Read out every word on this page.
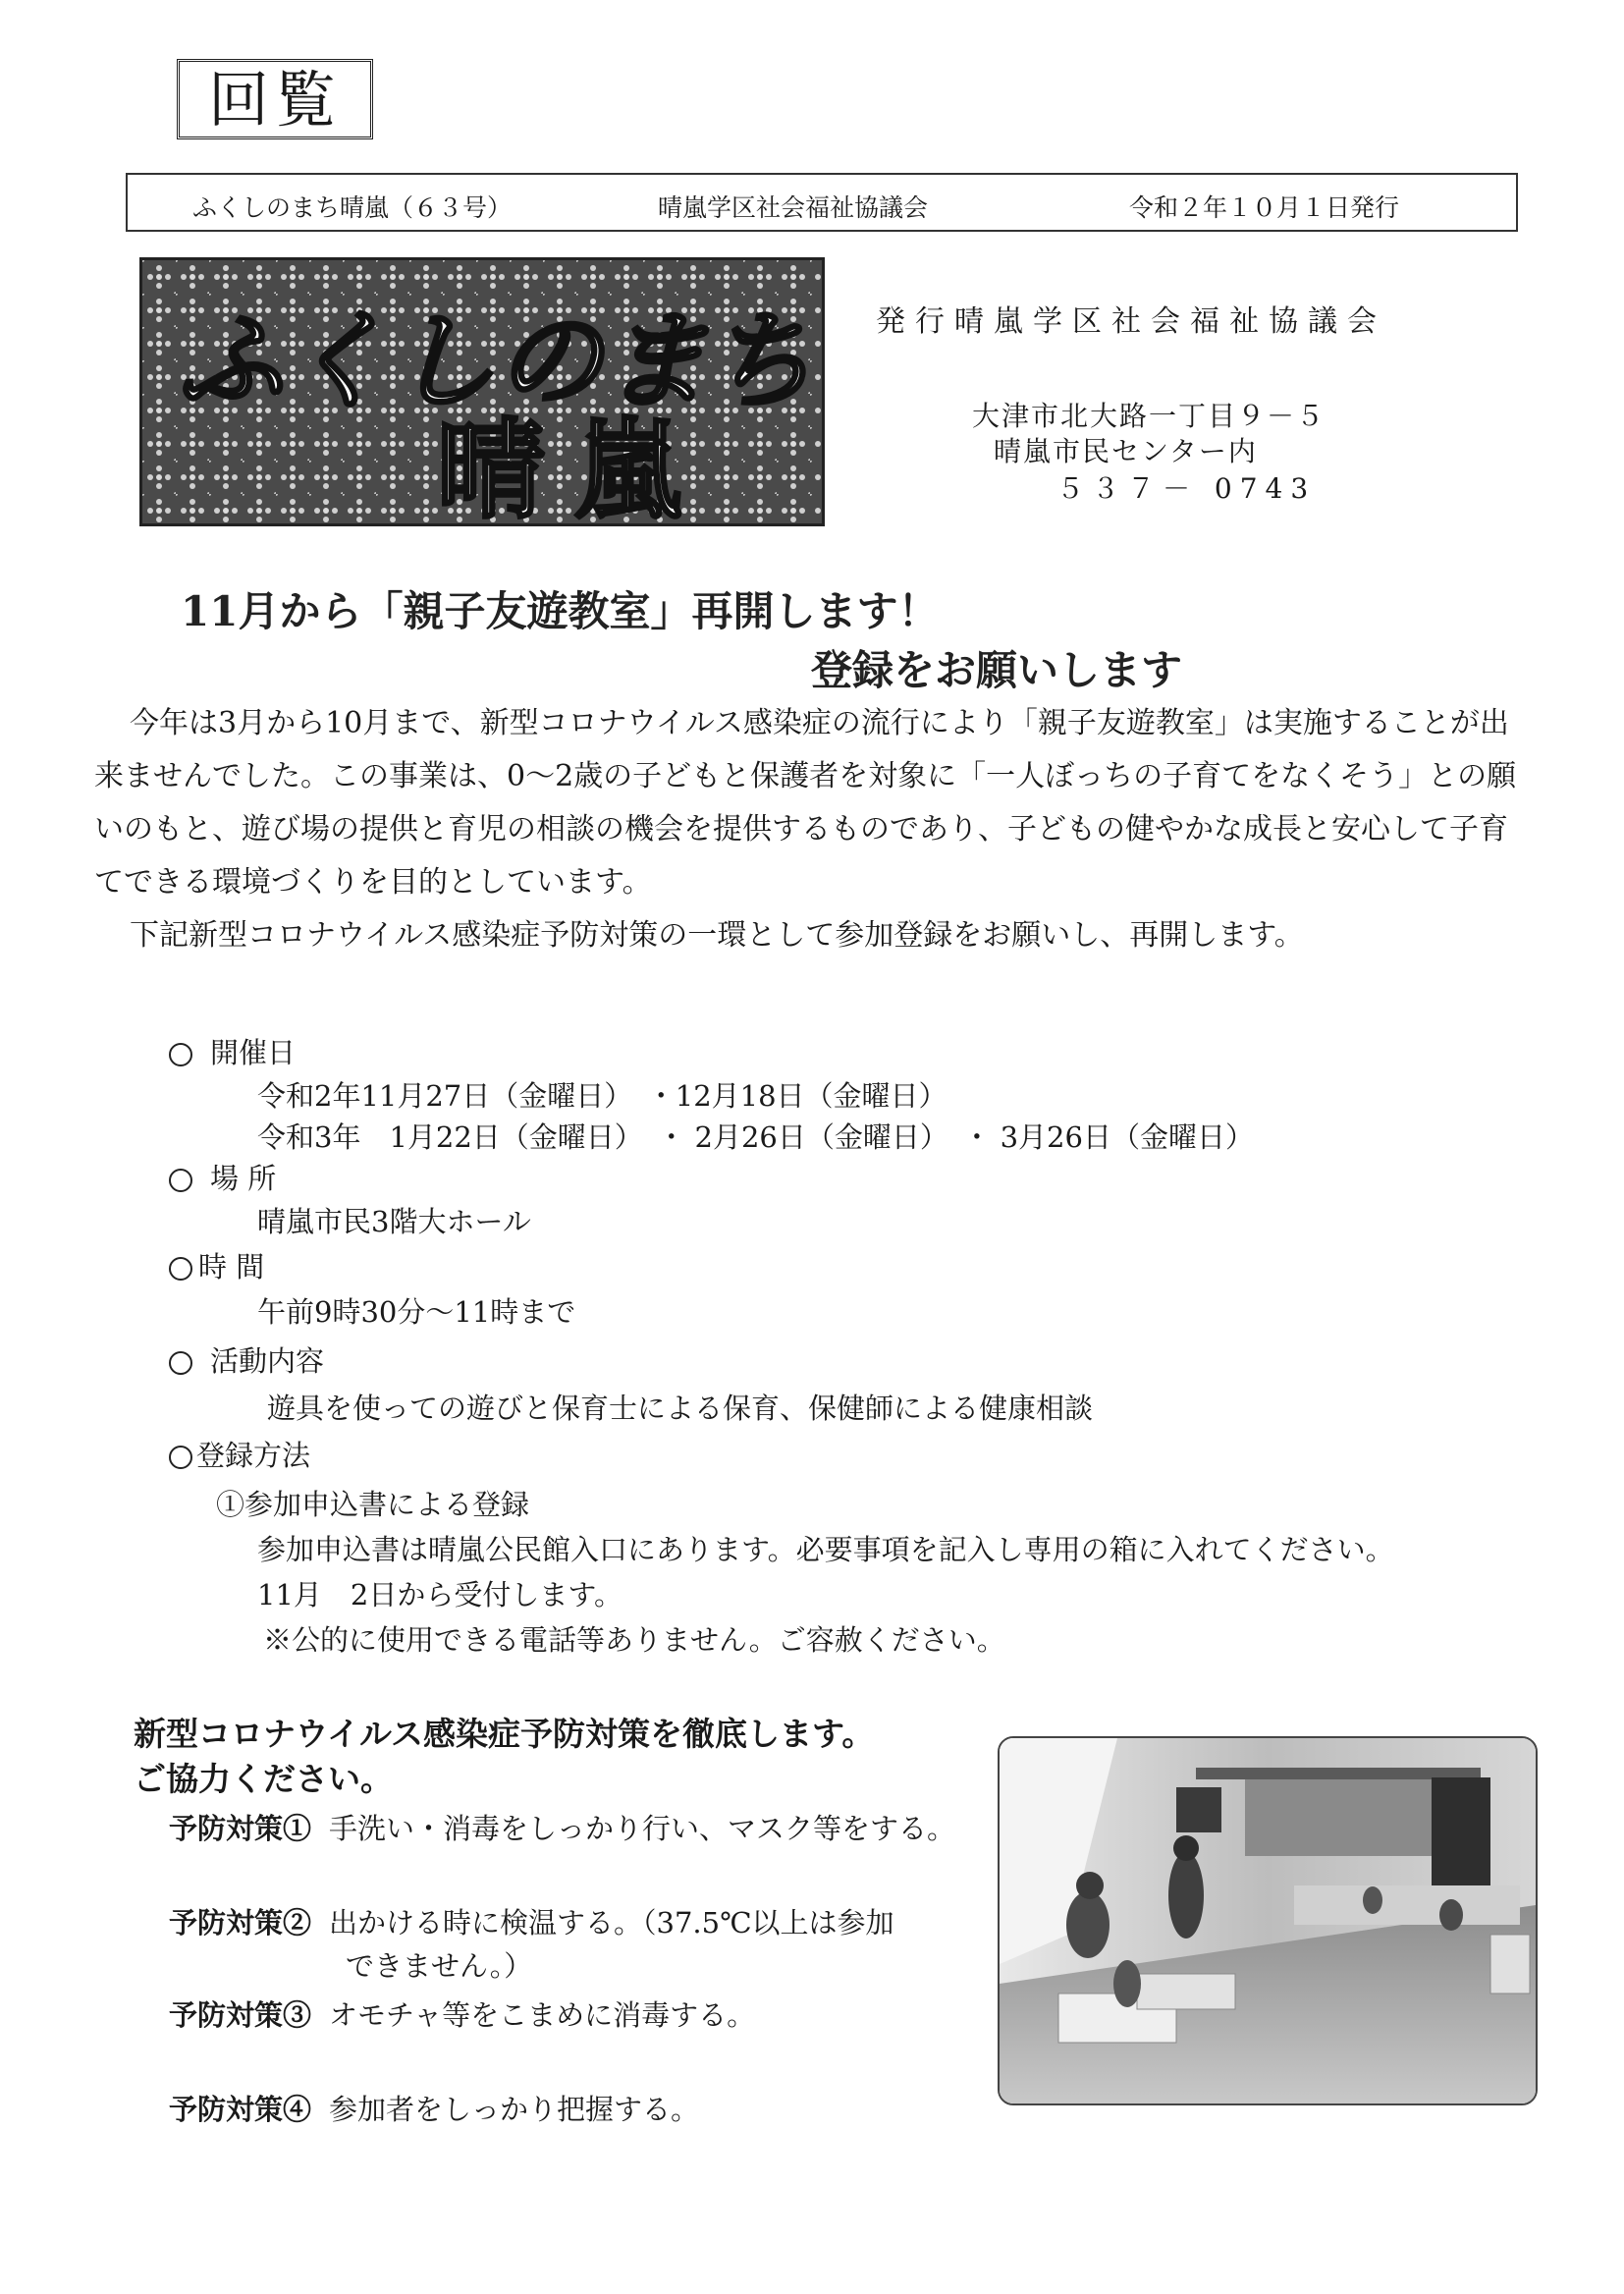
回覧
ふくしのまち晴嵐（６３号）	晴嵐学区社会福祉協議会	令和２年１０月１日発行
ふくしのまち
晴嵐
発行晴嵐学区社会福祉協議会
大津市北大路一丁目９－５
晴嵐市民センター内
５３７－ 0743
11月から「親子友遊教室」再開します！
登録をお願いします

今年は3月から10月まで、新型コロナウイルス感染症の流行により「親子友遊教室」は実施することが出来ませんでした。この事業は、0～2歳の子どもと保護者を対象に「一人ぼっちの子育てをなくそう」との願いのもと、遊び場の提供と育児の相談の機会を提供するものであり、子どもの健やかな成長と安心して子育てできる環境づくりを目的としています。

下記新型コロナウイルス感染症予防対策の一環として参加登録をお願いし、再開します。

開催日
令和2年11月27日（金曜日）　・12月18日（金曜日）
令和3年　1月22日（金曜日）　・ 2月26日（金曜日）　・ 3月26日（金曜日）
場 所
晴嵐市民3階大ホール
時 間
午前9時30分～11時まで
活動内容
遊具を使っての遊びと保育士による保育、保健師による健康相談
登録方法
①参加申込書による登録
参加申込書は晴嵐公民館入口にあります。必要事項を記入し専用の箱に入れてください。
11月　2日から受付します。
※公的に使用できる電話等ありません。ご容赦ください。
新型コロナウイルス感染症予防対策を徹底します。
ご協力ください。
予防対策① 手洗い・消毒をしっかり行い、マスク等をする。
予防対策② 出かける時に検温する。（37.5℃以上は参加
できません。）
予防対策③ オモチャ等をこまめに消毒する。
予防対策④ 参加者をしっかり把握する。
